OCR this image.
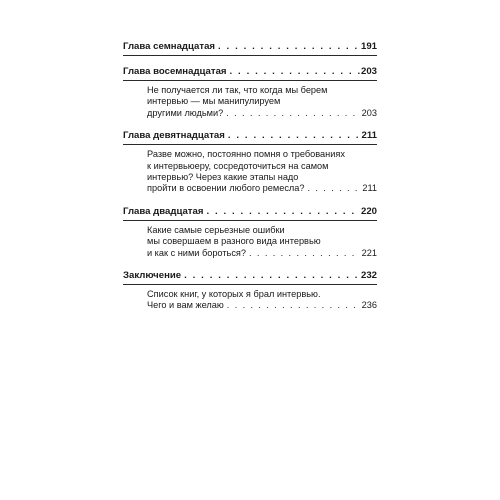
Глава семнадцатая . . .	191
Глава восемнадцатая . . .	203
Не получается ли так, что когда мы берем
интервью — мы манипулируем
другими людьми? . . .	203
Глава девятнадцатая . . .	211
Разве можно, постоянно помня о требованиях
к интервьюеру, сосредоточиться на самом
интервью? Через какие этапы надо
пройти в освоении любого ремесла? . . .	211
Глава двадцатая . . .	220
Какие самые серьезные ошибки
мы совершаем в разного вида интервью
и как с ними бороться? . . .	221
Заключение . . .	232
Список книг, у которых я брал интервью.
Чего и вам желаю . . .	236
